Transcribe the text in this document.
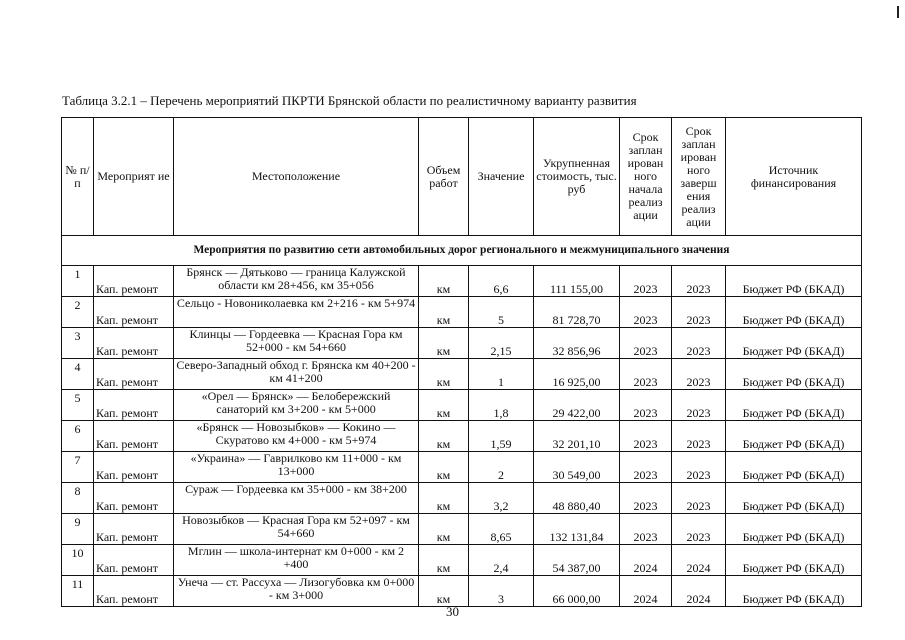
Таблица 3.2.1 – Перечень мероприятий ПКРТИ Брянской области по реалистичному варианту развития
№ п/п	Мероприят ие	Местоположение	Объем работ	Значение	Укрупненная стоимость, тыс. руб	Срок заплан ирован ного начала реализ ации	Срок заплан ирован ного заверш ения реализ ации	Источник финансирования
Мероприятия по развитию сети автомобильных дорог регионального и межмуниципального значения								
1	Кап. ремонт	Брянск — Дятьково — граница Калужской области км 28+456, км 35+056	км	6,6	111 155,00	2023	2023	Бюджет РФ (БКАД)
2	Кап. ремонт	Сельцо - Новониколаевка км 2+216 - км 5+974	км	5	81 728,70	2023	2023	Бюджет РФ (БКАД)
3	Кап. ремонт	Клинцы — Гордеевка — Красная Гора км 52+000 - км 54+660	км	2,15	32 856,96	2023	2023	Бюджет РФ (БКАД)
4	Кап. ремонт	Северо-Западный обход г. Брянска км 40+200 - км 41+200	км	1	16 925,00	2023	2023	Бюджет РФ (БКАД)
5	Кап. ремонт	«Орел — Брянск» — Белобережский санаторий км 3+200 - км 5+000	км	1,8	29 422,00	2023	2023	Бюджет РФ (БКАД)
6	Кап. ремонт	«Брянск — Новозыбков» — Кокино — Скуратово км 4+000 - км 5+974	км	1,59	32 201,10	2023	2023	Бюджет РФ (БКАД)
7	Кап. ремонт	«Украина» — Гаврилково км 11+000 - км 13+000	км	2	30 549,00	2023	2023	Бюджет РФ (БКАД)
8	Кап. ремонт	Сураж — Гордеевка км 35+000 - км 38+200	км	3,2	48 880,40	2023	2023	Бюджет РФ (БКАД)
9	Кап. ремонт	Новозыбков — Красная Гора км 52+097 - км 54+660	км	8,65	132 131,84	2023	2023	Бюджет РФ (БКАД)
10	Кап. ремонт	Мглин — школа-интернат км 0+000 - км 2 +400	км	2,4	54 387,00	2024	2024	Бюджет РФ (БКАД)
11	Кап. ремонт	Унеча — ст. Рассуха — Лизогубовка км 0+000 - км 3+000	км	3	66 000,00	2024	2024	Бюджет РФ (БКАД)
30
